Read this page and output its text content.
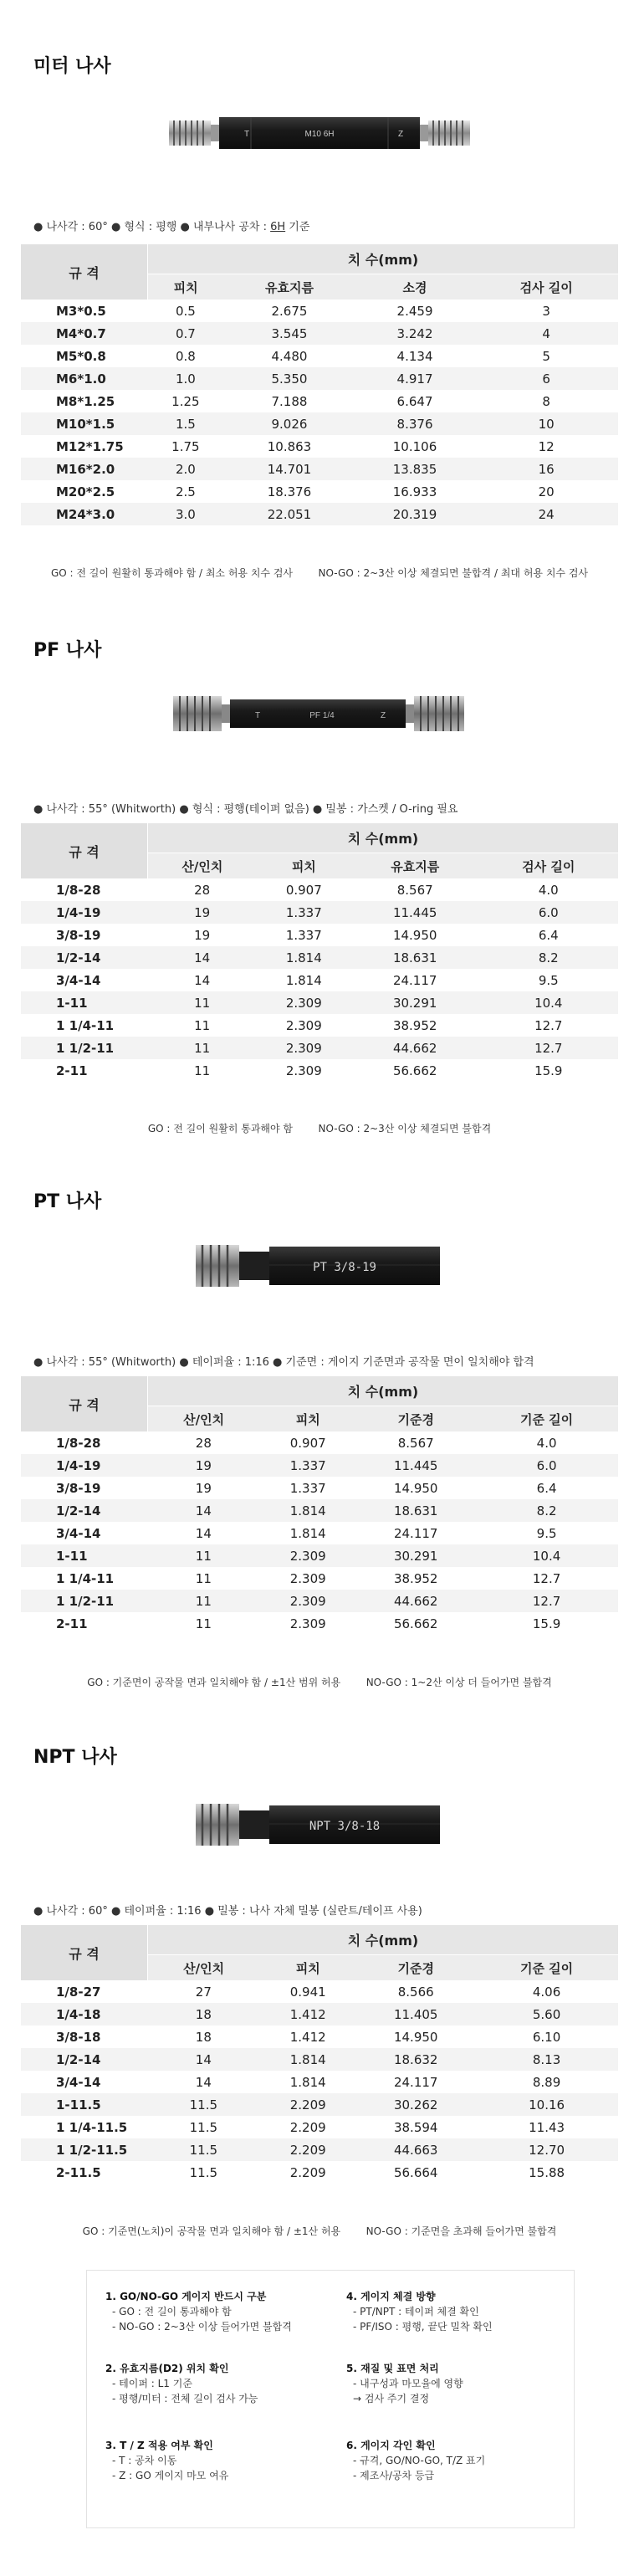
미터 나사
T	M10 6H	Z
● 나사각 : 60° ● 형식 : 평행 ● 내부나사 공차 : 6H 기준
규 격	치 수(mm)			
	피치	유효지름	소경	검사 길이
M3*0.5	0.5	2.675	2.459	3
M4*0.7	0.7	3.545	3.242	4
M5*0.8	0.8	4.480	4.134	5
M6*1.0	1.0	5.350	4.917	6
M8*1.25	1.25	7.188	6.647	8
M10*1.5	1.5	9.026	8.376	10
M12*1.75	1.75	10.863	10.106	12
M16*2.0	2.0	14.701	13.835	16
M20*2.5	2.5	18.376	16.933	20
M24*3.0	3.0	22.051	20.319	24
GO : 전 길이 원활히 통과해야 함 / 최소 허용 치수 검사        NO-GO : 2~3산 이상 체결되면 불합격 / 최대 허용 치수 검사
PF 나사
T	PF 1/4	Z
● 나사각 : 55° (Whitworth) ● 형식 : 평행(테이퍼 없음) ● 밀봉 : 가스켓 / O-ring 필요
규 격	치 수(mm)			
	산/인치	피치	유효지름	검사 길이
1/8-28	28	0.907	8.567	4.0
1/4-19	19	1.337	11.445	6.0
3/8-19	19	1.337	14.950	6.4
1/2-14	14	1.814	18.631	8.2
3/4-14	14	1.814	24.117	9.5
1-11	11	2.309	30.291	10.4
1 1/4-11	11	2.309	38.952	12.7
1 1/2-11	11	2.309	44.662	12.7
2-11	11	2.309	56.662	15.9
GO : 전 길이 원활히 통과해야 함        NO-GO : 2~3산 이상 체결되면 불합격
PT 나사
PT 3/8-19
● 나사각 : 55° (Whitworth) ● 테이퍼율 : 1:16 ● 기준면 : 게이지 기준면과 공작물 면이 일치해야 합격
규 격	치 수(mm)			
	산/인치	피치	기준경	기준 길이
1/8-28	28	0.907	8.567	4.0
1/4-19	19	1.337	11.445	6.0
3/8-19	19	1.337	14.950	6.4
1/2-14	14	1.814	18.631	8.2
3/4-14	14	1.814	24.117	9.5
1-11	11	2.309	30.291	10.4
1 1/4-11	11	2.309	38.952	12.7
1 1/2-11	11	2.309	44.662	12.7
2-11	11	2.309	56.662	15.9
GO : 기준면이 공작물 면과 일치해야 함 / ±1산 범위 허용        NO-GO : 1~2산 이상 더 들어가면 불합격
NPT 나사
NPT 3/8-18
● 나사각 : 60° ● 테이퍼율 : 1:16 ● 밀봉 : 나사 자체 밀봉 (실란트/테이프 사용)
규 격	치 수(mm)			
	산/인치	피치	기준경	기준 길이
1/8-27	27	0.941	8.566	4.06
1/4-18	18	1.412	11.405	5.60
3/8-18	18	1.412	14.950	6.10
1/2-14	14	1.814	18.632	8.13
3/4-14	14	1.814	24.117	8.89
1-11.5	11.5	2.209	30.262	10.16
1 1/4-11.5	11.5	2.209	38.594	11.43
1 1/2-11.5	11.5	2.209	44.663	12.70
2-11.5	11.5	2.209	56.664	15.88
GO : 기준면(노치)이 공작물 면과 일치해야 함 / ±1산 허용        NO-GO : 기준면을 초과해 들어가면 불합격
1. GO/NO-GO 게이지 반드시 구분
- GO : 전 길이 통과해야 함
- NO-GO : 2~3산 이상 들어가면 불합격
2. 유효지름(D2) 위치 확인
- 테이퍼 : L1 기준
- 평행/미터 : 전체 길이 검사 가능
3. T / Z 적용 여부 확인
- T : 공차 이동
- Z : GO 게이지 마모 여유
4. 게이지 체결 방향
- PT/NPT : 테이퍼 체결 확인
- PF/ISO : 평행, 끝단 밀착 확인
5. 재질 및 표면 처리
- 내구성과 마모율에 영향
→ 검사 주기 결정
6. 게이지 각인 확인
- 규격, GO/NO-GO, T/Z 표기
- 제조사/공차 등급
